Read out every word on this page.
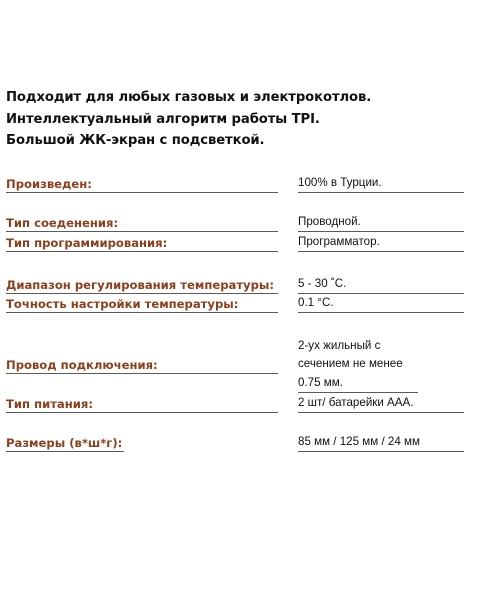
Подходит для любых газовых и электрокотлов.
Интеллектуальный алгоритм работы TPI.
Большой ЖК-экран с подсветкой.
Произведен:	100% в Турции.
Тип соеденения:	Проводной.
Тип программирования:	Программатор.
Диапазон регулирования температуры:	5 - 30 ˚С.
Точность настройки температуры:	0.1 °C.
Провод подключения:
2-ух жильный с сечением не менее 0.75 мм.
Тип питания:	2 шт/ батарейки ААА.
Размеры (в*ш*г):	85 мм / 125 мм / 24 мм
